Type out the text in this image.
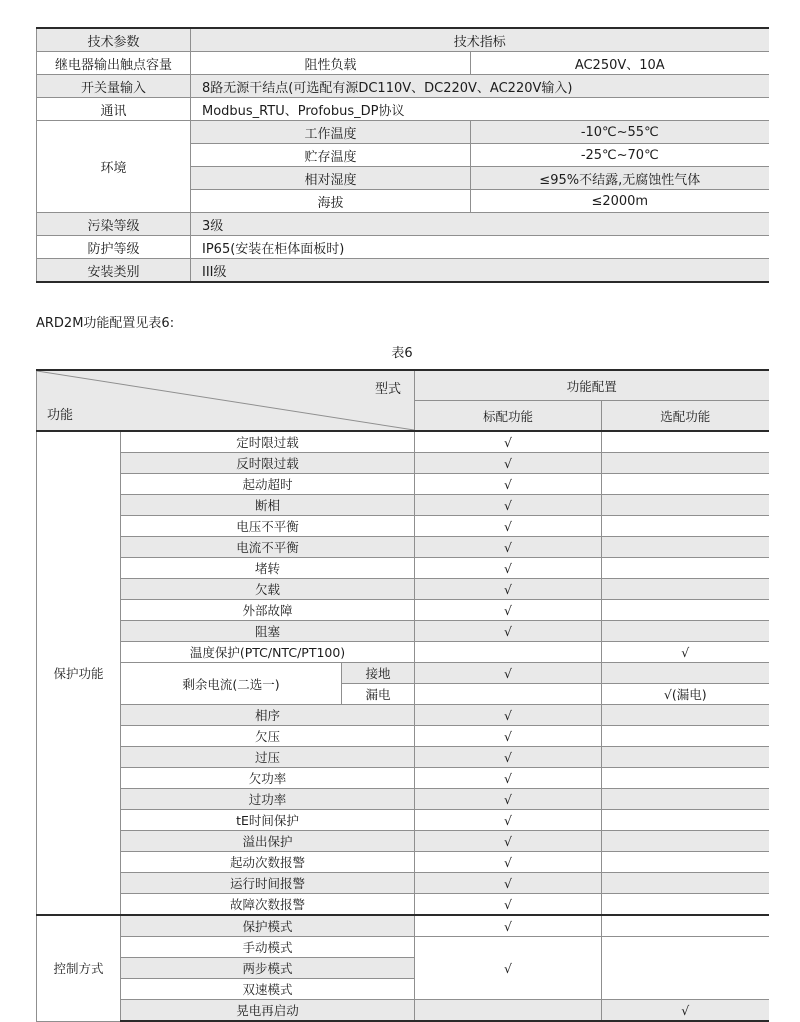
技术参数	技术指标	
继电器输出触点容量	阻性负载	AC250V、10A
开关量输入	8路无源干结点(可选配有源DC110V、DC220V、AC220V输入)	
通讯	Modbus_RTU、Profobus_DP协议	
环境	工作温度	-10℃~55℃
	贮存温度	-25℃~70℃
	相对湿度	≤95%不结露,无腐蚀性气体
	海拔	≤2000m
污染等级	3级	
防护等级	IP65(安装在柜体面板时)	
安装类别	III级	

ARD2M功能配置见表6:

表6
型式
功能			功能配置	
			标配功能	选配功能
保护功能	定时限过载		√	
	反时限过载		√	
	起动超时		√	
	断相		√	
	电压不平衡		√	
	电流不平衡		√	
	堵转		√	
	欠载		√	
	外部故障		√	
	阻塞		√	
	温度保护(PTC/NTC/PT100)			√
	剩余电流(二选一)	接地	√	
		漏电		√(漏电)
	相序		√	
	欠压		√	
	过压		√	
	欠功率		√	
	过功率		√	
	tE时间保护		√	
	溢出保护		√	
	起动次数报警		√	
	运行时间报警		√	
	故障次数报警		√	
控制方式	保护模式		√	
	手动模式		√	
	两步模式			
	双速模式			
	晃电再启动			√
